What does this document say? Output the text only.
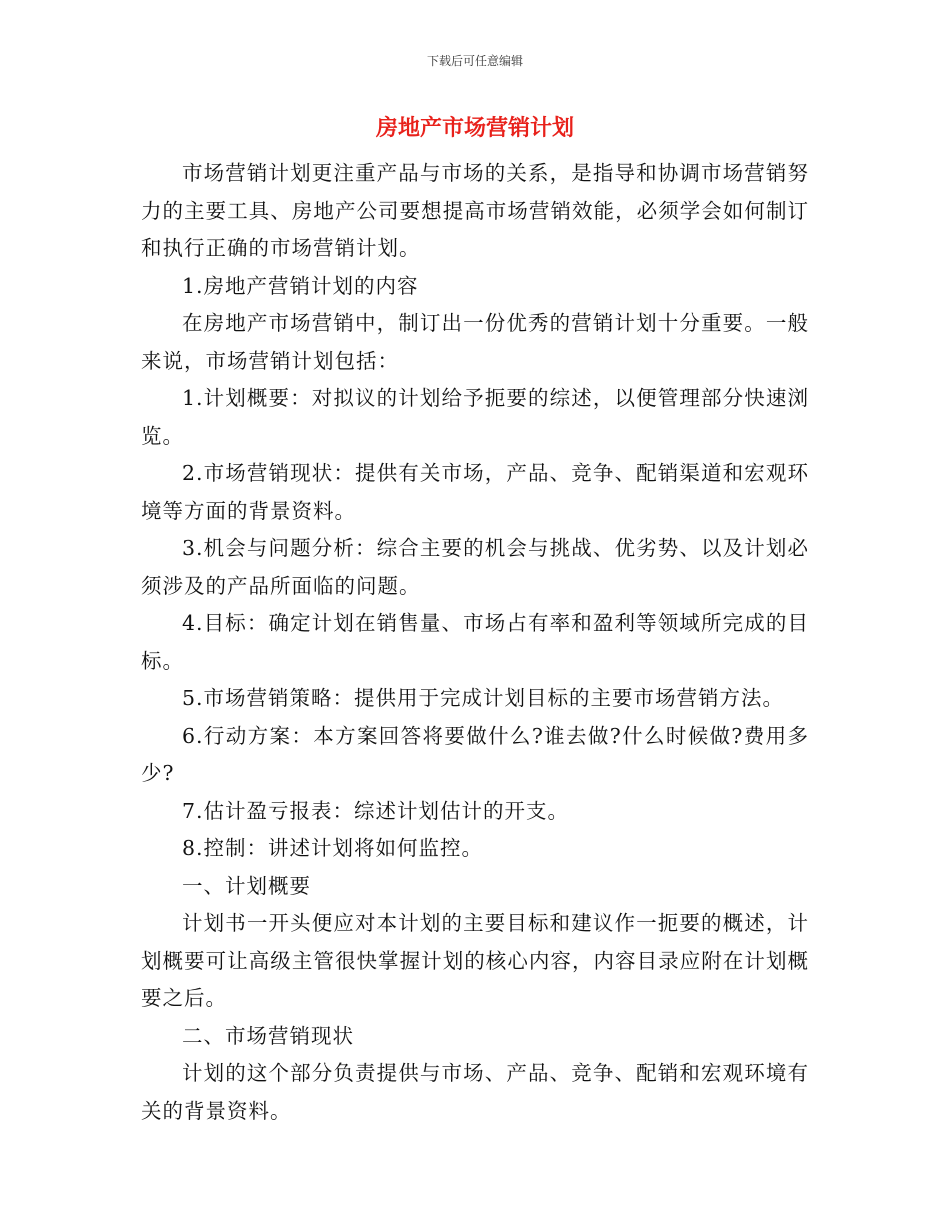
下载后可任意编辑
房地产市场营销计划

市场营销计划更注重产品与市场的关系，是指导和协调市场营销努力的主要工具、房地产公司要想提高市场营销效能，必须学会如何制订和执行正确的市场营销计划。

1.房地产营销计划的内容

在房地产市场营销中，制订出一份优秀的营销计划十分重要。一般来说，市场营销计划包括：

1.计划概要：对拟议的计划给予扼要的综述，以便管理部分快速浏览。

2.市场营销现状：提供有关市场，产品、竞争、配销渠道和宏观环境等方面的背景资料。

3.机会与问题分析：综合主要的机会与挑战、优劣势、以及计划必须涉及的产品所面临的问题。

4.目标：确定计划在销售量、市场占有率和盈利等领域所完成的目标。

5.市场营销策略：提供用于完成计划目标的主要市场营销方法。

6.行动方案：本方案回答将要做什么?谁去做?什么时候做?费用多少?

7.估计盈亏报表：综述计划估计的开支。

8.控制：讲述计划将如何监控。

一、计划概要

计划书一开头便应对本计划的主要目标和建议作一扼要的概述，计划概要可让高级主管很快掌握计划的核心内容，内容目录应附在计划概要之后。

二、市场营销现状

计划的这个部分负责提供与市场、产品、竞争、配销和宏观环境有关的背景资料。
